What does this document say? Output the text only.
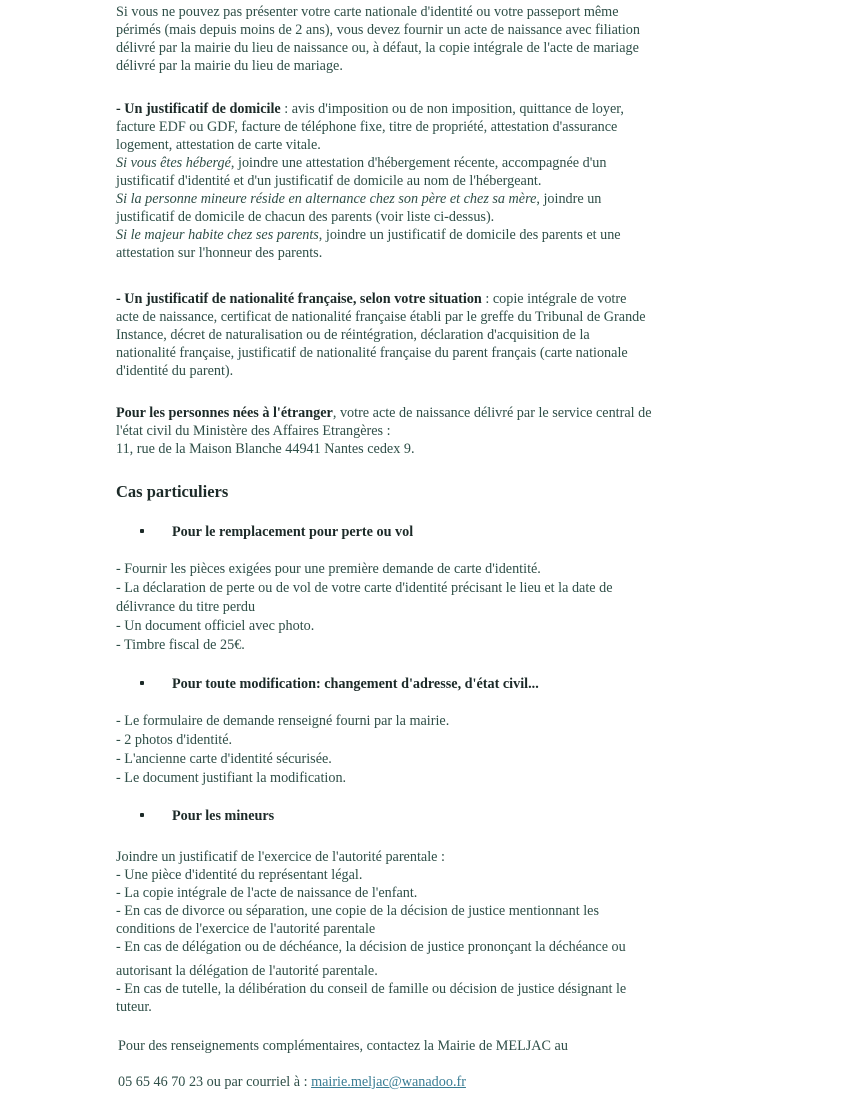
Si vous ne pouvez pas présenter votre carte nationale d'identité ou votre passeport même
périmés (mais depuis moins de 2 ans), vous devez fournir un acte de naissance avec filiation
délivré par la mairie du lieu de naissance ou, à défaut, la copie intégrale de l'acte de mariage
délivré par la mairie du lieu de mariage.
- Un justificatif de domicile : avis d'imposition ou de non imposition, quittance de loyer,
facture EDF ou GDF, facture de téléphone fixe, titre de propriété, attestation d'assurance
logement, attestation de carte vitale.
Si vous êtes hébergé, joindre une attestation d'hébergement récente, accompagnée d'un
justificatif d'identité et d'un justificatif de domicile au nom de l'hébergeant.
Si la personne mineure réside en alternance chez son père et chez sa mère, joindre un
justificatif de domicile de chacun des parents (voir liste ci-dessus).
Si le majeur habite chez ses parents, joindre un justificatif de domicile des parents et une
attestation sur l'honneur des parents.
- Un justificatif de nationalité française, selon votre situation : copie intégrale de votre
acte de naissance, certificat de nationalité française établi par le greffe du Tribunal de Grande
Instance, décret de naturalisation ou de réintégration, déclaration d'acquisition de la
nationalité française, justificatif de nationalité française du parent français (carte nationale
d'identité du parent).
Pour les personnes nées à l'étranger, votre acte de naissance délivré par le service central de
l'état civil du Ministère des Affaires Etrangères :
11, rue de la Maison Blanche 44941 Nantes cedex 9.
Cas particuliers
Pour le remplacement pour perte ou vol
- Fournir les pièces exigées pour une première demande de carte d'identité.
- La déclaration de perte ou de vol de votre carte d'identité précisant le lieu et la date de
délivrance du titre perdu
- Un document officiel avec photo.
- Timbre fiscal de 25€.
Pour toute modification: changement d'adresse, d'état civil...
- Le formulaire de demande renseigné fourni par la mairie.
- 2 photos d'identité.
- L'ancienne carte d'identité sécurisée.
- Le document justifiant la modification.
Pour les mineurs
Joindre un justificatif de l'exercice de l'autorité parentale :
- Une pièce d'identité du représentant légal.
- La copie intégrale de l'acte de naissance de l'enfant.
- En cas de divorce ou séparation, une copie de la décision de justice mentionnant les
conditions de l'exercice de l'autorité parentale
- En cas de délégation ou de déchéance, la décision de justice prononçant la déchéance ou
autorisant la délégation de l'autorité parentale.
- En cas de tutelle, la délibération du conseil de famille ou décision de justice désignant le
tuteur.
Pour des renseignements complémentaires, contactez la Mairie de MELJAC au
05 65 46 70 23 ou par courriel à : mairie.meljac@wanadoo.fr
